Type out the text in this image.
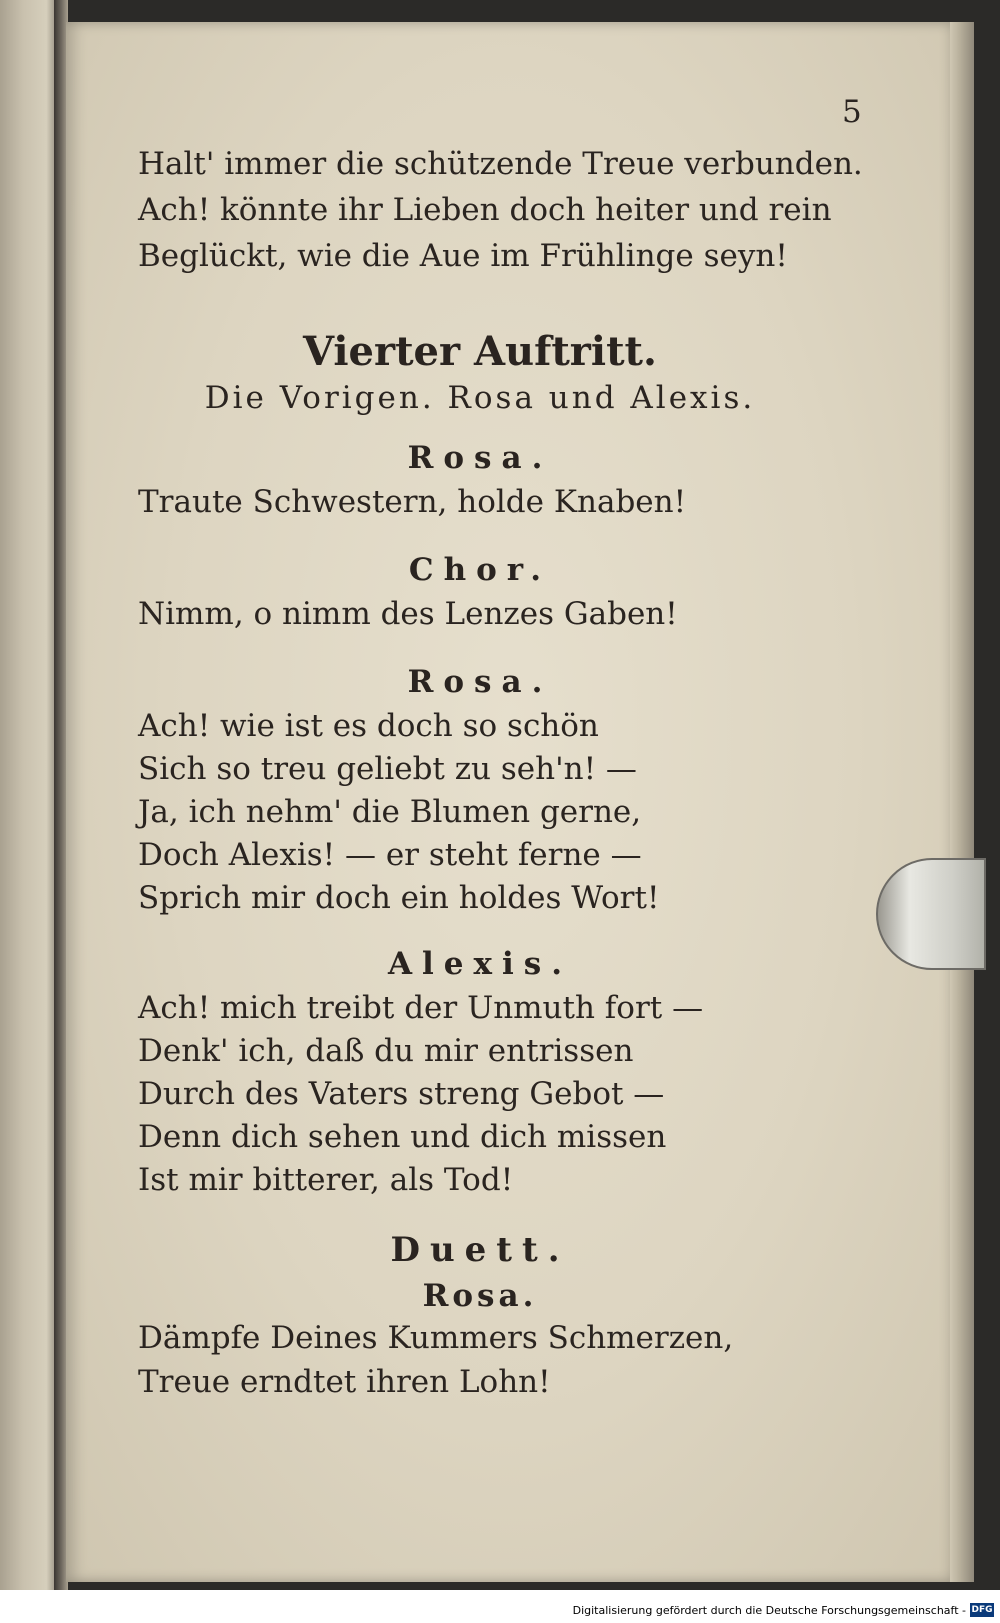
5
Halt' immer die schützende Treue verbunden.
Ach! könnte ihr Lieben doch heiter und rein
Beglückt, wie die Aue im Frühlinge seyn!
Vierter Auftritt.
Die Vorigen. Rosa und Alexis.
Rosa.
Traute Schwestern, holde Knaben!
Chor.
Nimm, o nimm des Lenzes Gaben!
Rosa.
Ach! wie ist es doch so schön
Sich so treu geliebt zu seh'n! —
Ja, ich nehm' die Blumen gerne,
Doch Alexis! — er steht ferne —
Sprich mir doch ein holdes Wort!
Alexis.
Ach! mich treibt der Unmuth fort —
Denk' ich, daß du mir entrissen
Durch des Vaters streng Gebot —
Denn dich sehen und dich missen
Ist mir bitterer, als Tod!
Duett.
Rosa.
Dämpfe Deines Kummers Schmerzen,
Treue erndtet ihren Lohn!
Digitalisierung gefördert durch die Deutsche Forschungsgemeinschaft - DFG
